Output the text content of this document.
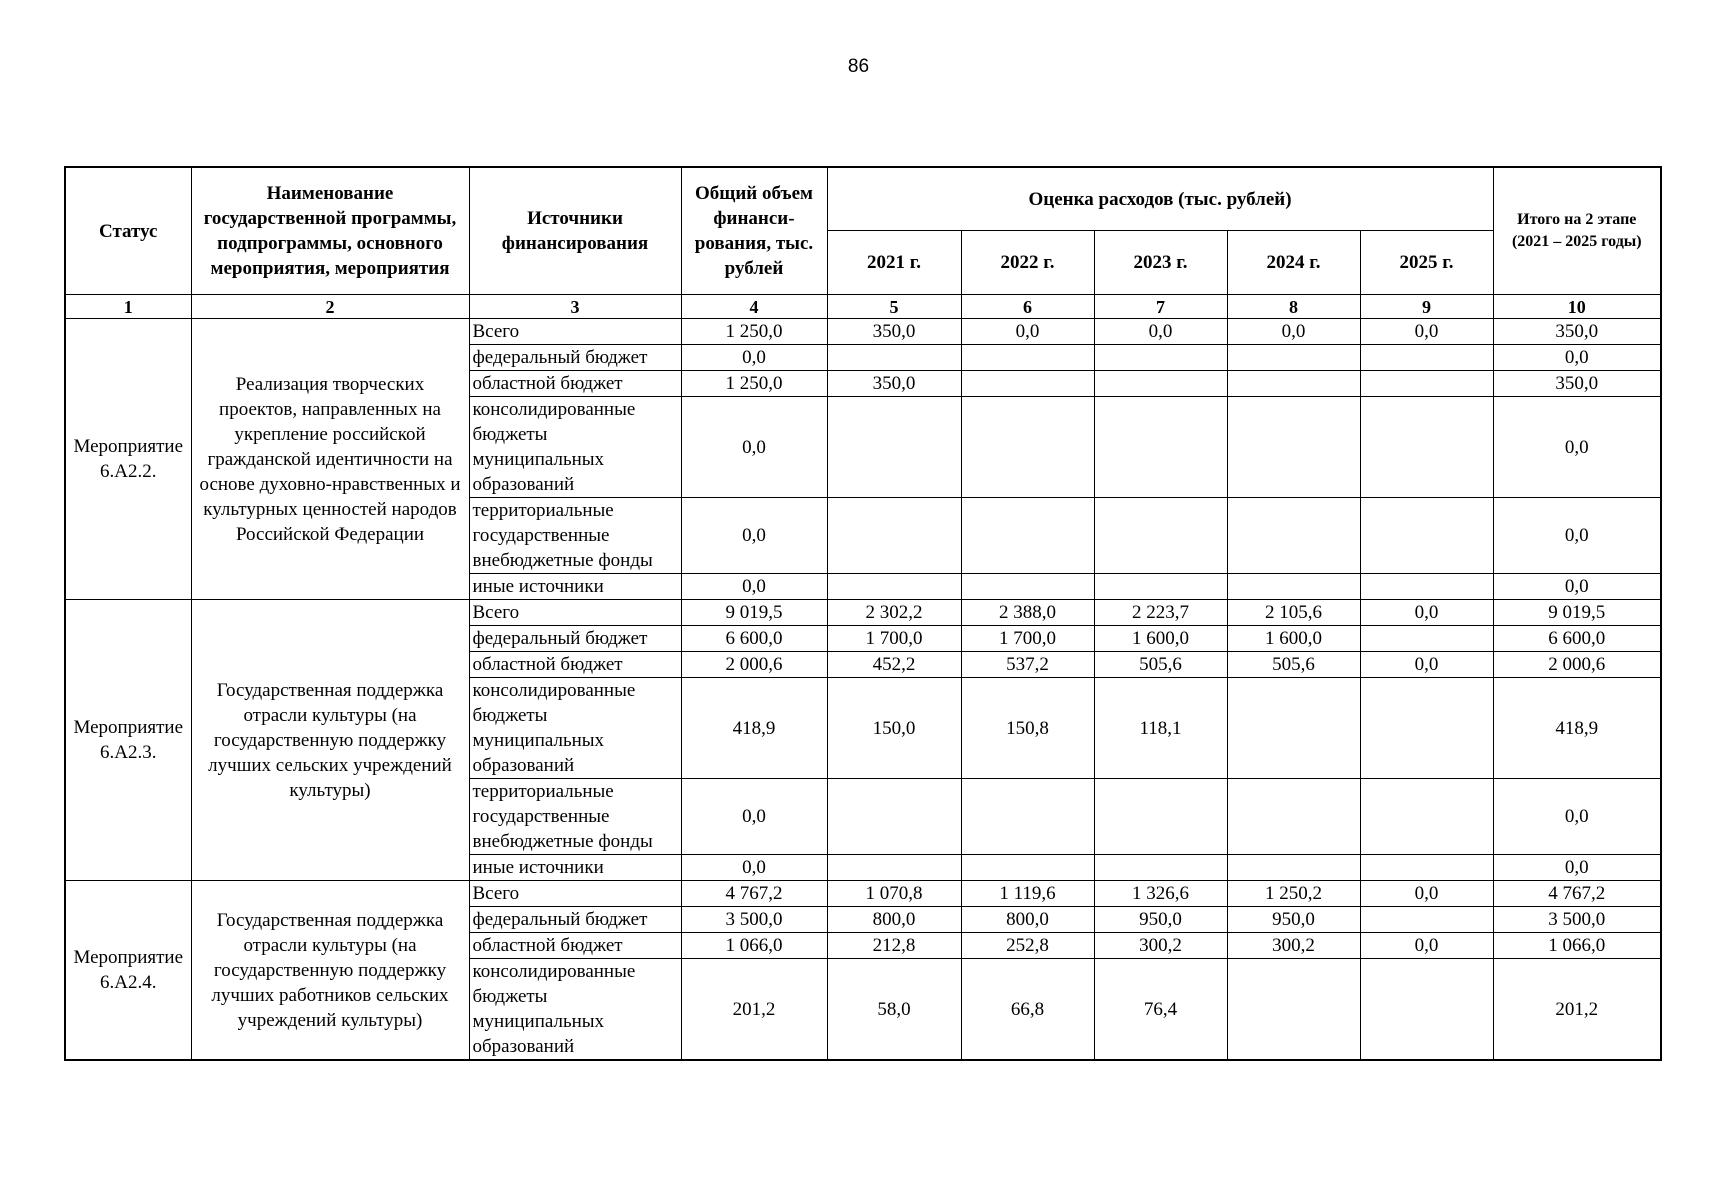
86
Статус	Наименование государственной программы, подпрограммы, основного мероприятия, мероприятия	Источники финансирования	Общий объем финанси-рования, тыс. рублей	Оценка расходов (тыс. рублей)					Итого на 2 этапе (2021 – 2025 годы)
				2021 г.	2022 г.	2023 г.	2024 г.	2025 г.	
1	2	3	4	5	6	7	8	9	10
Мероприятие 6.А2.2.	Реализация творческих проектов, направленных на укрепление российской гражданской идентичности на основе духовно-нравственных и культурных ценностей народов Российской Федерации	Всего	1 250,0	350,0	0,0	0,0	0,0	0,0	350,0
		федеральный бюджет	0,0						0,0
		областной бюджет	1 250,0	350,0					350,0
		консолидированные бюджеты муниципальных образований	0,0						0,0
		территориальные государственные внебюджетные фонды	0,0						0,0
		иные источники	0,0						0,0
Мероприятие 6.А2.3.	Государственная поддержка отрасли культуры (на государственную поддержку лучших сельских учреждений культуры)	Всего	9 019,5	2 302,2	2 388,0	2 223,7	2 105,6	0,0	9 019,5
		федеральный бюджет	6 600,0	1 700,0	1 700,0	1 600,0	1 600,0		6 600,0
		областной бюджет	2 000,6	452,2	537,2	505,6	505,6	0,0	2 000,6
		консолидированные бюджеты муниципальных образований	418,9	150,0	150,8	118,1			418,9
		территориальные государственные внебюджетные фонды	0,0						0,0
		иные источники	0,0						0,0
Мероприятие 6.А2.4.	Государственная поддержка отрасли культуры (на государственную поддержку лучших работников сельских учреждений культуры)	Всего	4 767,2	1 070,8	1 119,6	1 326,6	1 250,2	0,0	4 767,2
		федеральный бюджет	3 500,0	800,0	800,0	950,0	950,0		3 500,0
		областной бюджет	1 066,0	212,8	252,8	300,2	300,2	0,0	1 066,0
		консолидированные бюджеты муниципальных образований	201,2	58,0	66,8	76,4			201,2
